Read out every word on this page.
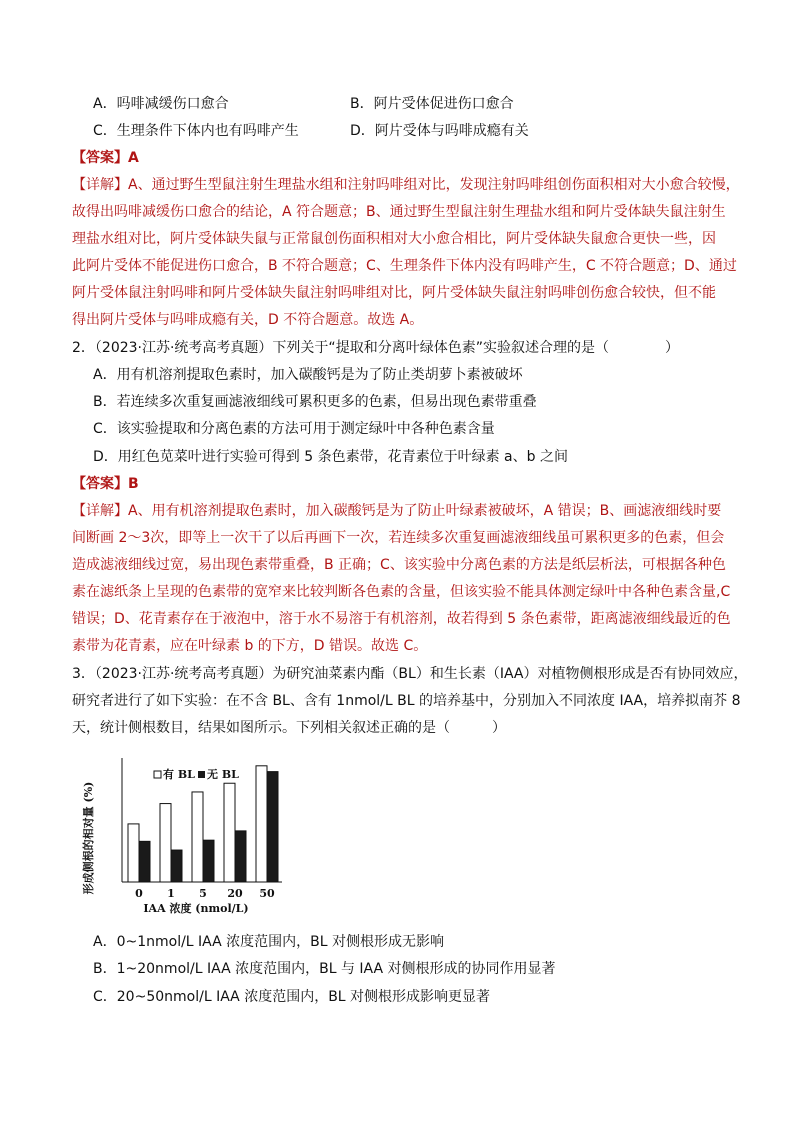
A．吗啡减缓伤口愈合	B．阿片受体促进伤口愈合
C．生理条件下体内也有吗啡产生	D．阿片受体与吗啡成瘾有关
【答案】A
【详解】A、通过野生型鼠注射生理盐水组和注射吗啡组对比，发现注射吗啡组创伤面积相对大小愈合较慢，
故得出吗啡减缓伤口愈合的结论，A 符合题意；B、通过野生型鼠注射生理盐水组和阿片受体缺失鼠注射生
理盐水组对比，阿片受体缺失鼠与正常鼠创伤面积相对大小愈合相比，阿片受体缺失鼠愈合更快一些，因
此阿片受体不能促进伤口愈合，B 不符合题意；C、生理条件下体内没有吗啡产生，C 不符合题意；D、通过
阿片受体鼠注射吗啡和阿片受体缺失鼠注射吗啡组对比，阿片受体缺失鼠注射吗啡创伤愈合较快，但不能
得出阿片受体与吗啡成瘾有关，D 不符合题意。故选 A。
2．（2023·江苏·统考高考真题）下列关于“提取和分离叶绿体色素”实验叙述合理的是（　　　　）
A．用有机溶剂提取色素时，加入碳酸钙是为了防止类胡萝卜素被破坏
B．若连续多次重复画滤液细线可累积更多的色素，但易出现色素带重叠
C．该实验提取和分离色素的方法可用于测定绿叶中各种色素含量
D．用红色苋菜叶进行实验可得到 5 条色素带，花青素位于叶绿素 a、b 之间
【答案】B
【详解】A、用有机溶剂提取色素时，加入碳酸钙是为了防止叶绿素被破坏，A 错误；B、画滤液细线时要
间断画 2～3次，即等上一次干了以后再画下一次，若连续多次重复画滤液细线虽可累积更多的色素，但会
造成滤液细线过宽，易出现色素带重叠，B 正确；C、该实验中分离色素的方法是纸层析法，可根据各种色
素在滤纸条上呈现的色素带的宽窄来比较判断各色素的含量，但该实验不能具体测定绿叶中各种色素含量,C
错误；D、花青素存在于液泡中，溶于水不易溶于有机溶剂，故若得到 5 条色素带，距离滤液细线最近的色
素带为花青素，应在叶绿素 b 的下方，D 错误。故选 C。
3．（2023·江苏·统考高考真题）为研究油菜素内酯（BL）和生长素（IAA）对植物侧根形成是否有协同效应，
研究者进行了如下实验：在不含 BL、含有 1nmol/L BL 的培养基中，分别加入不同浓度 IAA，培养拟南芥 8
天，统计侧根数目，结果如图所示。下列相关叙述正确的是（　　　）
形成侧根的相对量 (%)	0 1 5 20 50
有 BL 无 BL
IAA 浓度 (nmol/L)
A．0~1nmol/L IAA 浓度范围内，BL 对侧根形成无影响
B．1~20nmol/L IAA 浓度范围内，BL 与 IAA 对侧根形成的协同作用显著
C．20~50nmol/L IAA 浓度范围内，BL 对侧根形成影响更显著
